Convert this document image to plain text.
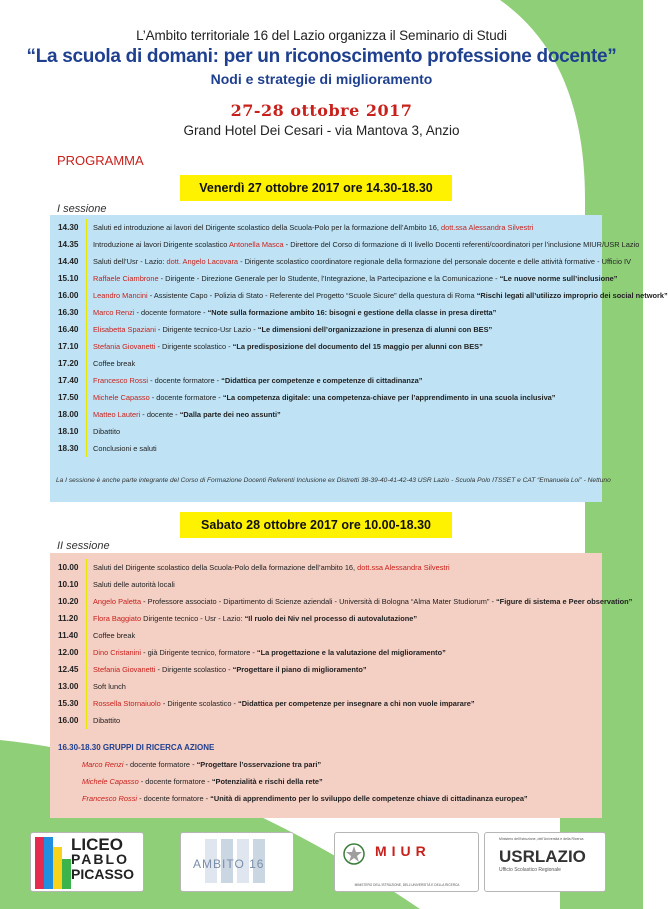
L’Ambito territoriale 16 del Lazio organizza il Seminario di Studi
“La scuola di domani: per un riconoscimento professione docente”
Nodi e strategie di miglioramento
27-28 ottobre 2017
Grand Hotel Dei Cesari - via Mantova 3, Anzio
PROGRAMMA
Venerdì 27 ottobre 2017 ore 14.30-18.30
I sessione
14.30	Saluti ed introduzione ai lavori del Dirigente scolastico della Scuola-Polo per la formazione dell’Ambito 16, dott.ssa Alessandra Silvestri
14.35	Introduzione ai lavori Dirigente scolastico Antonella Masca - Direttore del Corso di formazione di II livello Docenti referenti/coordinatori per l’inclusione MIUR/USR Lazio
14.40	Saluti dell’Usr - Lazio: dott. Angelo Lacovara - Dirigente scolastico coordinatore regionale della formazione del personale docente e delle attività formative - Ufficio IV
15.10	Raffaele Ciambrone - Dirigente - Direzione Generale per lo Studente, l’Integrazione, la Partecipazione e la Comunicazione - “Le nuove norme sull’inclusione”
16.00	Leandro Mancini - Assistente Capo - Polizia di Stato - Referente del Progetto “Scuole Sicure” della questura di Roma “Rischi legati all’utilizzo improprio dei social network”
16.30	Marco Renzi - docente formatore - “Note sulla formazione ambito 16: bisogni e gestione della classe in presa diretta”
16.40	Elisabetta Spaziani - Dirigente tecnico-Usr Lazio - “Le dimensioni dell’organizzazione in presenza di alunni con BES”
17.10	Stefania Giovanetti - Dirigente scolastico - “La predisposizione del documento del 15 maggio per alunni con BES”
17.20	Coffee break
17.40	Francesco Rossi - docente formatore - “Didattica per competenze e competenze di cittadinanza”
17.50	Michele Capasso - docente formatore - “La competenza digitale: una competenza-chiave per l’apprendimento in una scuola inclusiva”
18.00	Matteo Lauteri - docente - “Dalla parte dei neo assunti”
18.10	Dibattito
18.30	Conclusioni e saluti
La I sessione è anche parte integrante del Corso di Formazione Docenti Referenti Inclusione ex Distretti 38-39-40-41-42-43 USR Lazio - Scuola Polo ITSSET e CAT “Emanuela Loi” - Nettuno
Sabato 28 ottobre 2017 ore 10.00-18.30
II sessione
10.00	Saluti del Dirigente scolastico della Scuola-Polo della formazione dell’ambito 16, dott.ssa Alessandra Silvestri
10.10	Saluti delle autorità locali
10.20	Angelo Paletta - Professore associato - Dipartimento di Scienze aziendali - Università di Bologna “Alma Mater Studiorum” - “Figure di sistema e Peer observation”
11.20	Flora Baggiato Dirigente tecnico - Usr - Lazio: “Il ruolo dei Niv nel processo di autovalutazione”
11.40	Coffee break
12.00	Dino Cristanini - già Dirigente tecnico, formatore - “La progettazione e la valutazione del miglioramento”
12.45	Stefania Giovanetti - Dirigente scolastico - “Progettare il piano di miglioramento”
13.00	Soft lunch
15.30	Rossella Stornaiuolo - Dirigente scolastico - “Didattica per competenze per insegnare a chi non vuole imparare”
16.00	Dibattito
16.30-18.30 GRUPPI DI RICERCA AZIONE
Marco Renzi - docente formatore - “Progettare l’osservazione tra pari”
Michele Capasso - docente formatore - “Potenzialità e rischi della rete”
Francesco Rossi - docente formatore - “Unità di apprendimento per lo sviluppo delle competenze chiave di cittadinanza europea”
LICEO
PABLO
PICASSO
AMBITO 16
MIUR
MINISTERO DELL’ISTRUZIONE, DELL’UNIVERSITÀ E DELLA RICERCA
Ministero dell’Istruzione, dell’Università e della Ricerca
USRLAZIO
Ufficio Scolastico Regionale
